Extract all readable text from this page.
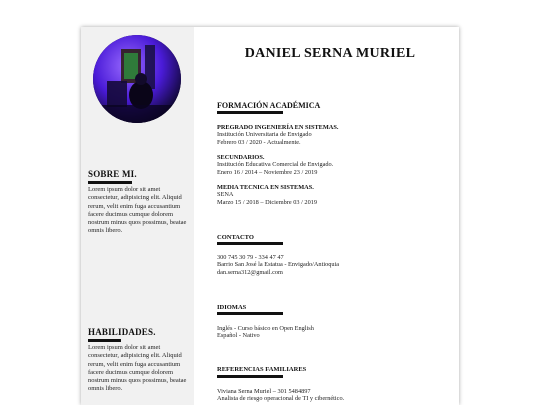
SOBRE MI.
Lorem ipsum dolor sit amet consectetur, adipisicing elit. Aliquid rerum, velit enim fuga accusantium facere ducimus cumque dolorem nostrum minus quos possimus, beatae omnis libero.
HABILIDADES.
Lorem ipsum dolor sit amet consectetur, adipisicing elit. Aliquid rerum, velit enim fuga accusantium facere ducimus cumque dolorem nostrum minus quos possimus, beatae omnis libero.
DANIEL SERNA MURIEL
FORMACIÓN ACADÉMICA
PREGRADO INGENIERÍA EN SISTEMAS.
Institución Universitaria de Envigado
Febrero 03 / 2020 - Actualmente.
SECUNDARIOS.
Institución Educativa Comercial de Envigado.
Enero 16 / 2014 – Noviembre 23 / 2019
MEDIA TECNICA EN SISTEMAS.
SENA
Marzo 15 / 2018 – Diciembre 03 / 2019
CONTACTO
300 745 30 79 - 334 47 47
Barrio San José la Estatua - Envigado/Antioquia
dan.serna312@gmail.com
IDIOMAS
Inglés - Curso básico en Open English
Español - Nativo
REFERENCIAS FAMILIARES
Viviana Serna Muriel – 301 5484897
Analista de riesgo operacional de TI y cibernético.
